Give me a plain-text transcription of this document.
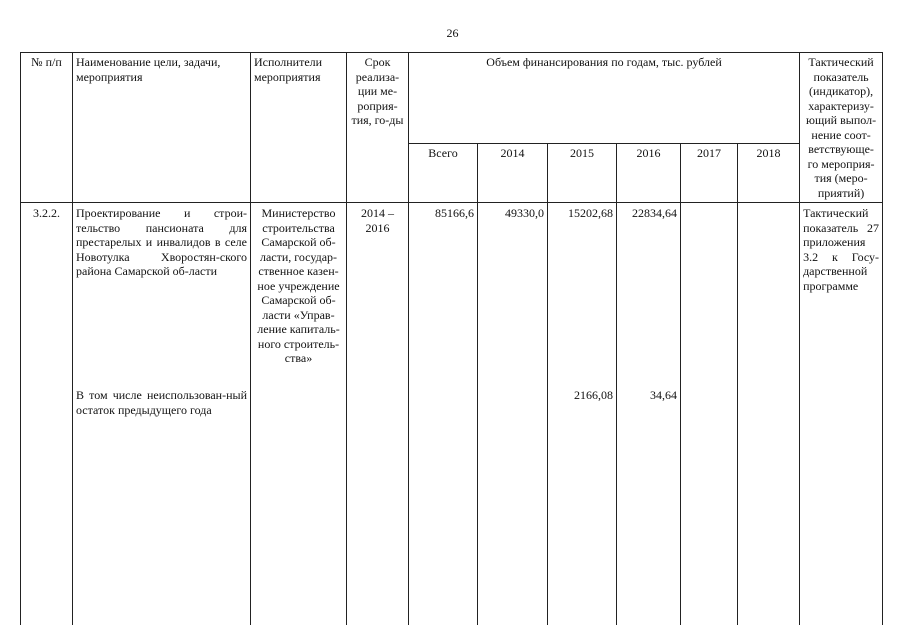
26
№ п/п	Наименование цели, задачи, мероприятия	Исполнители мероприятия	Срок реализа-ции ме-роприя-тия, го-ды	Объем финансирования по годам, тыс. рублей						Тактический показатель (индикатор), характеризу-ющий выпол-нение соот-ветствующе-го мероприя-тия (меро-приятий)
				Всего	2014	2015	2016	2017	2018	
3.2.2.	Проектирование и строи-тельство пансионата для престарелых и инвалидов в селе Новотулка Хворостян-ского района Самарской об-ласти	Министерство строительства Самарской об-ласти, государ-ственное казен-ное учреждение Самарской об-ласти «Управ-ление капиталь-ного строитель-ства»	2014 – 2016	85166,6	49330,0	15202,68	22834,64			Тактический показатель 27 приложения 3.2 к Госу-дарственной программе
	В том числе неиспользован-ный остаток предыдущего года					2166,08	34,64			
